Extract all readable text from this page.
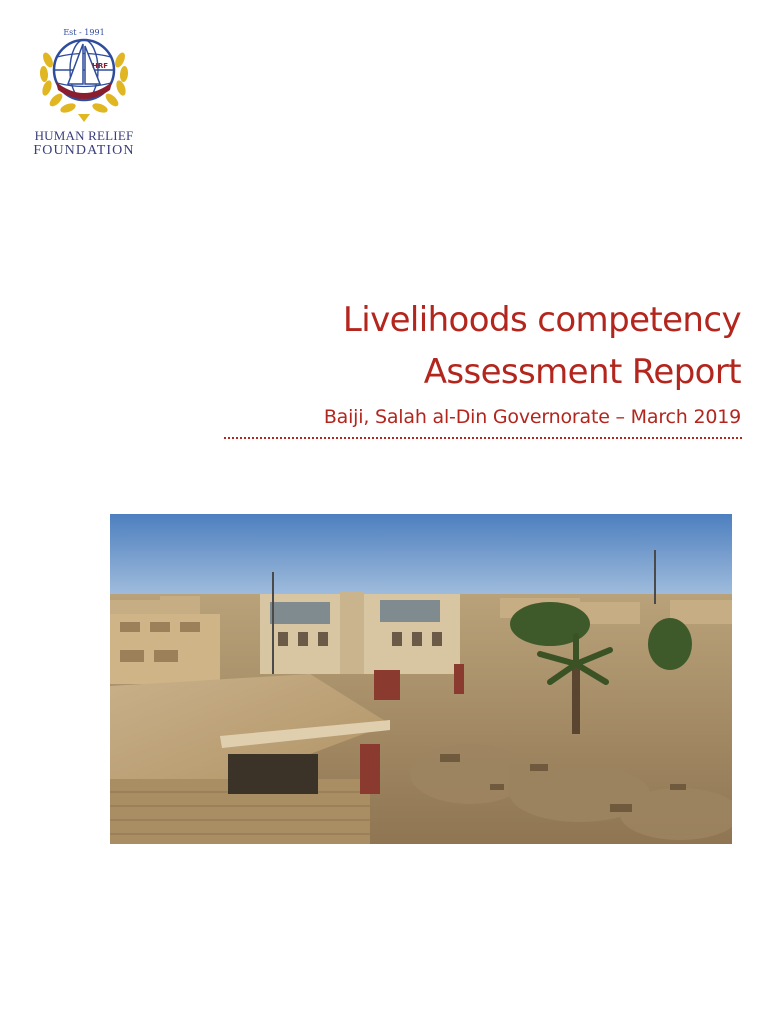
HRF
Est - 1991
HUMAN RELIEF
FOUNDATION
Livelihoods competency
Assessment Report
Baiji, Salah al-Din Governorate – March 2019
